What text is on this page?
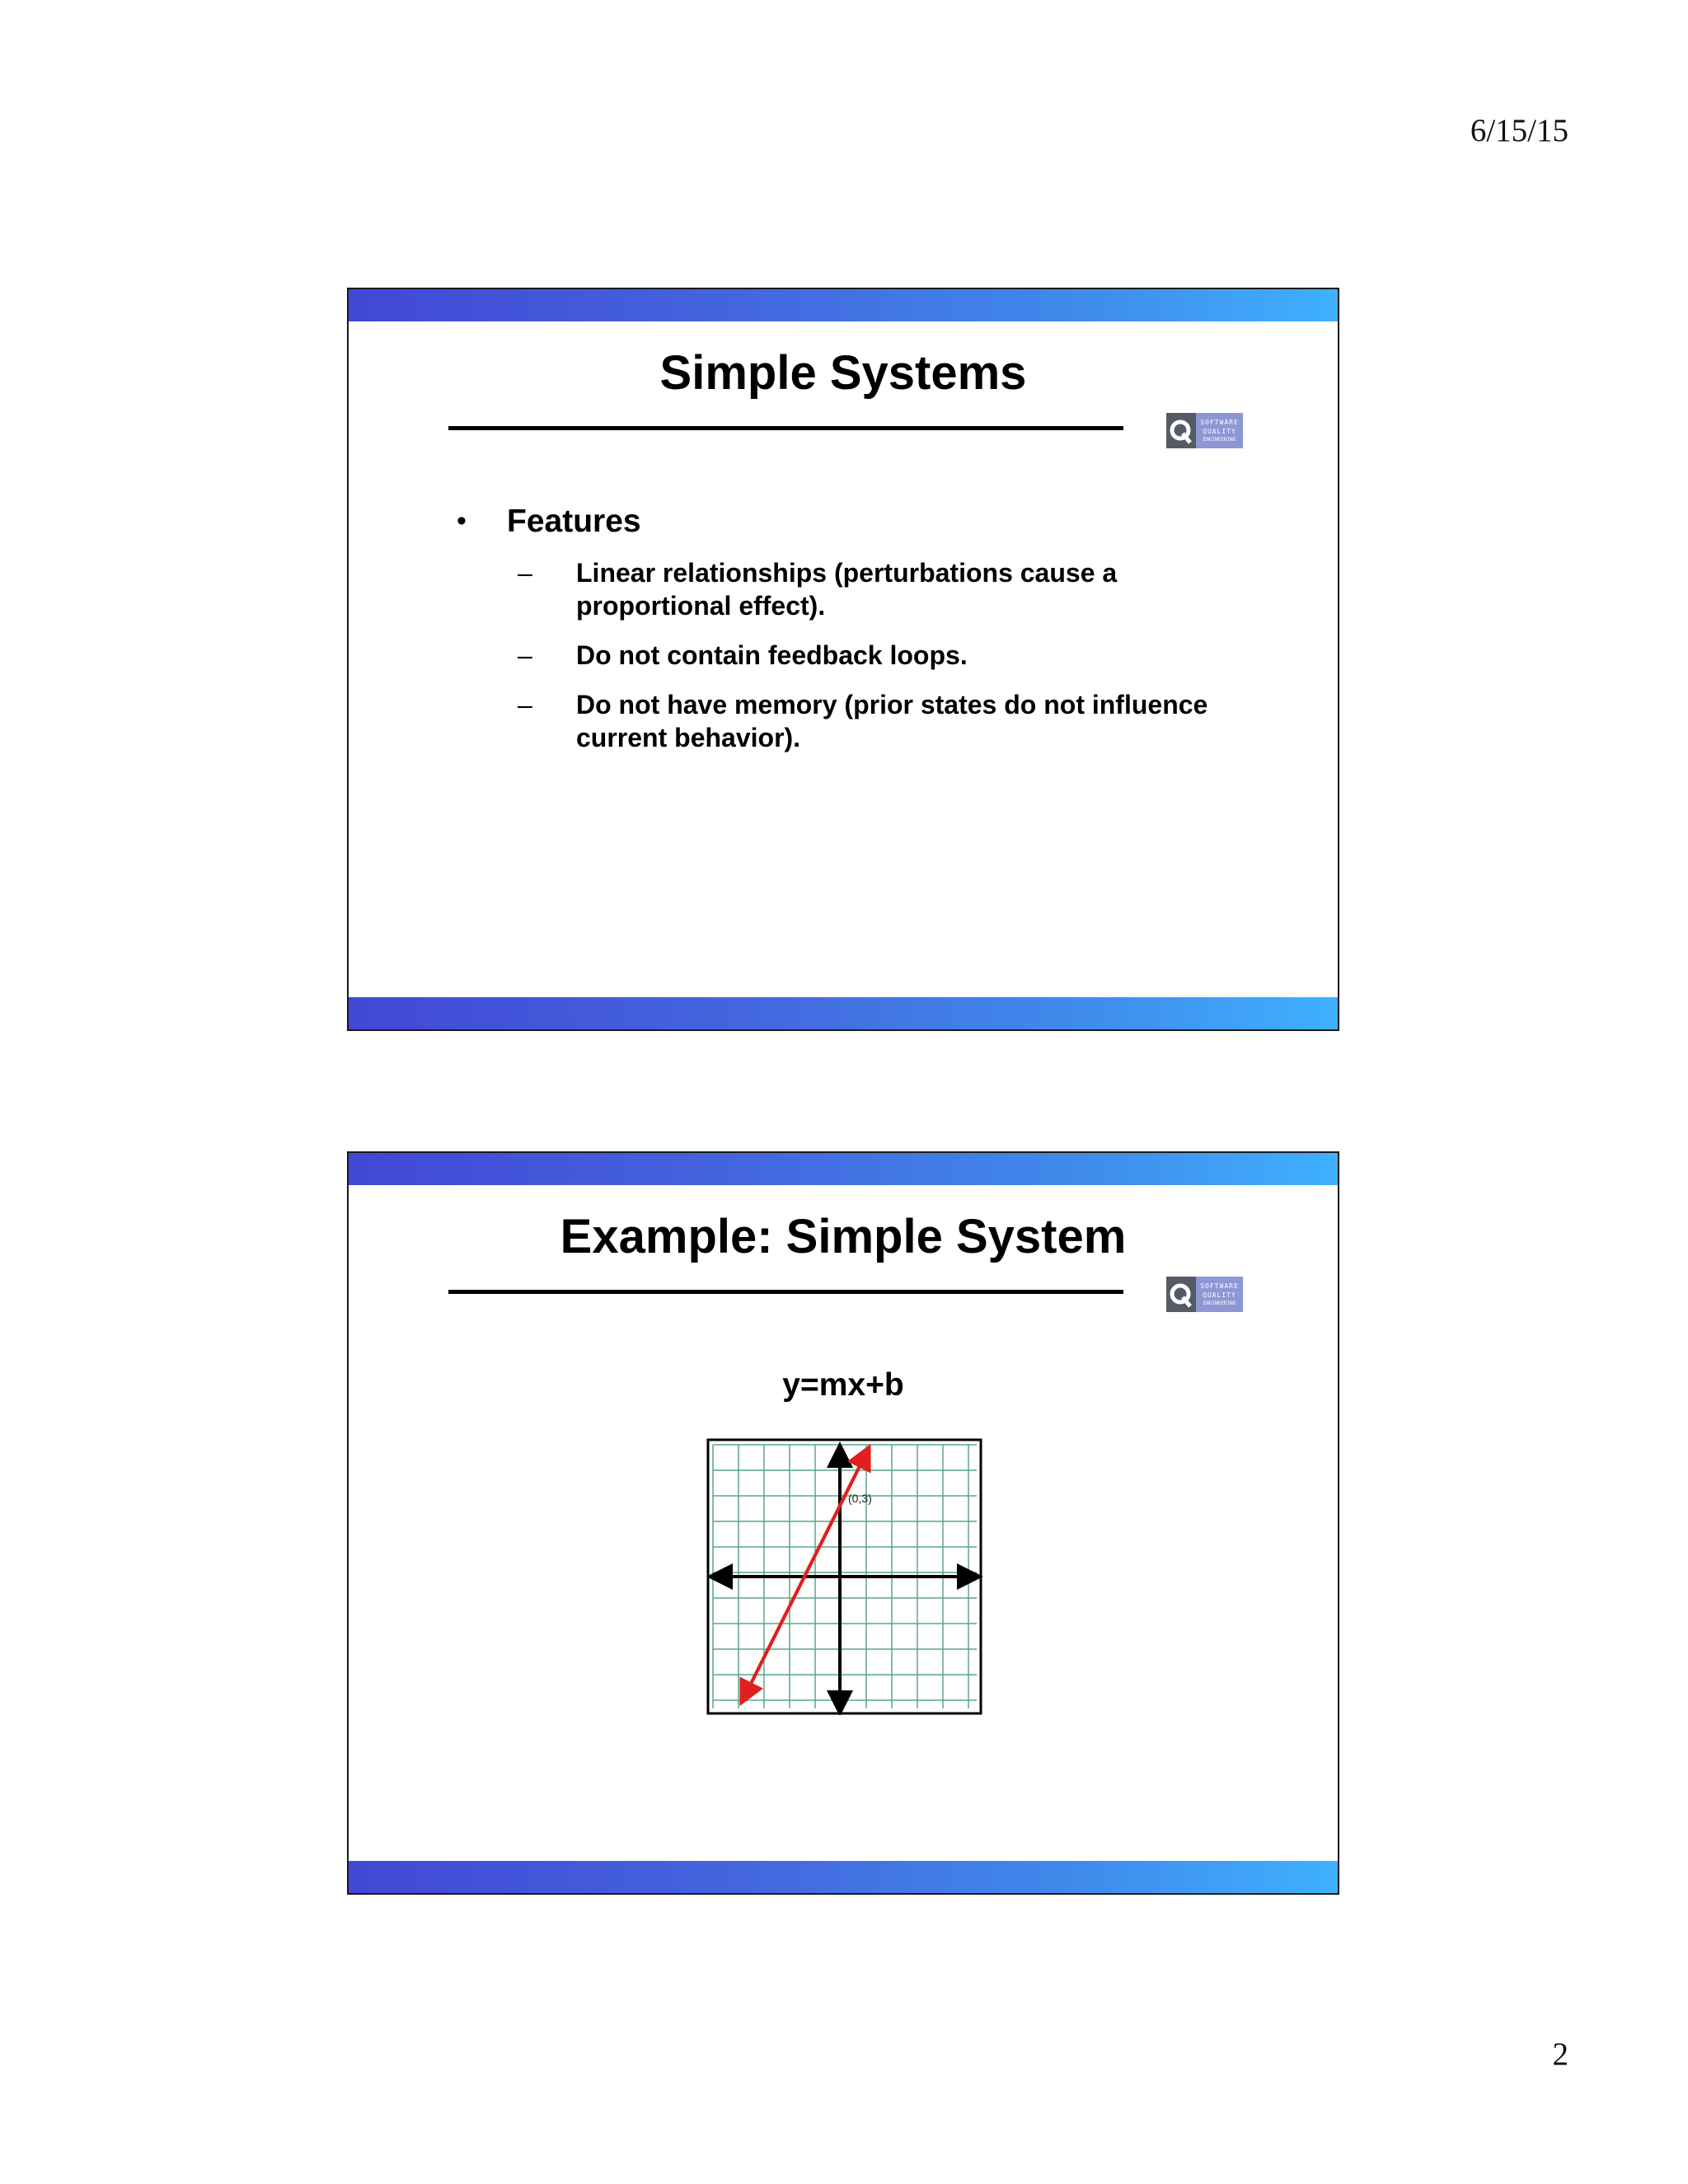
6/15/15
Simple Systems
SOFTWARE
QUALITY
ENGINEERING
•	Features
–	Linear relationships (perturbations cause a proportional effect).
–	Do not contain feedback loops.
–	Do not have memory (prior states do not influence current behavior).
Example: Simple System
SOFTWARE
QUALITY
ENGINEERING
y=mx+b
(0,3)
2
